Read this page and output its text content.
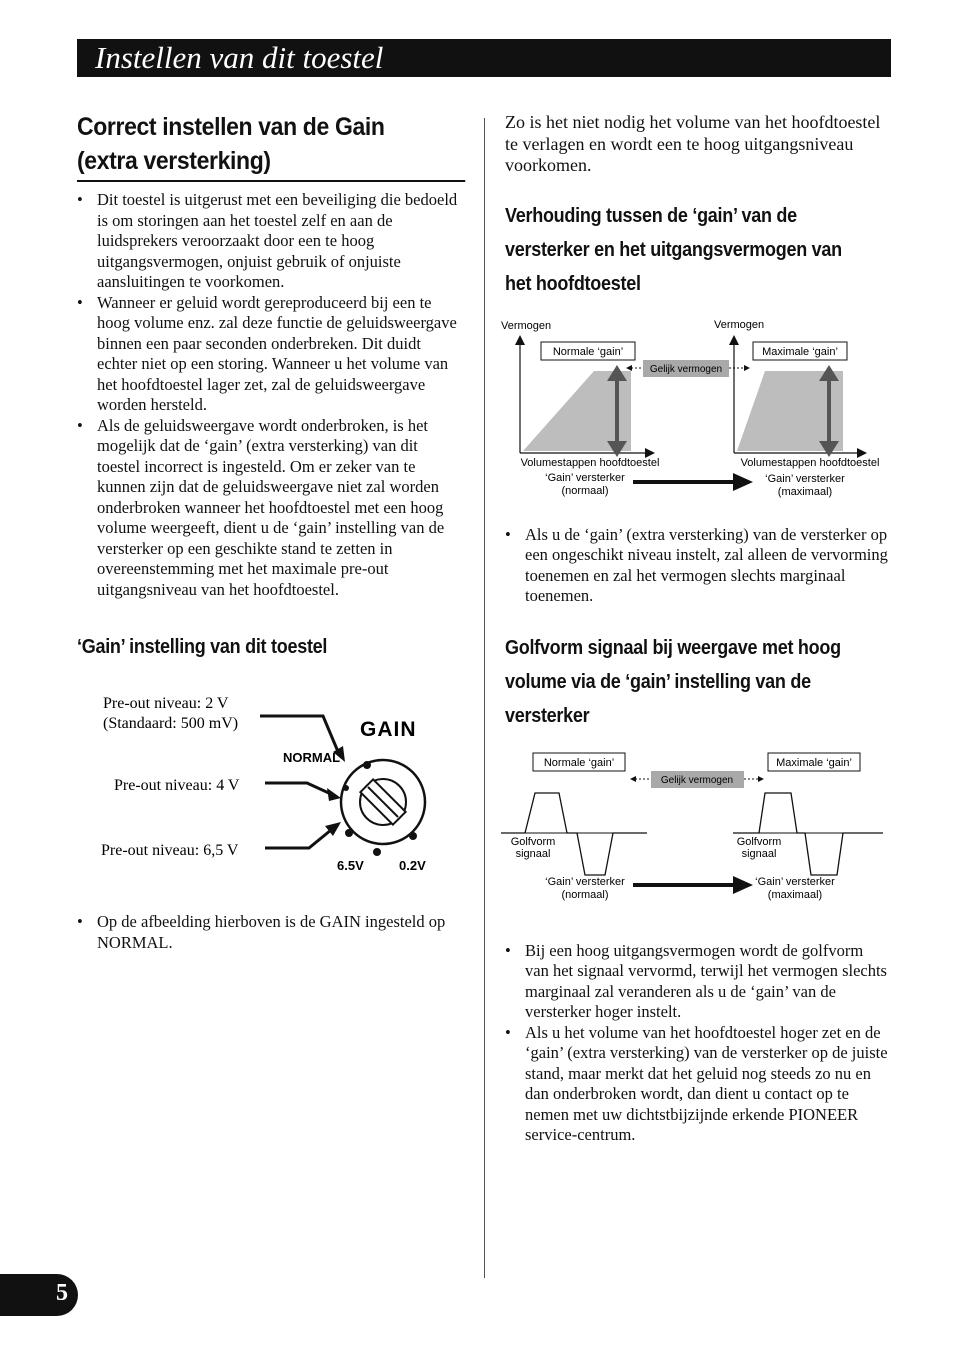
Instellen van dit toestel
Correct instellen van de Gain
(extra versterking)
• Dit toestel is uitgerust met een beveiliging die bedoeld is om storingen aan het toestel zelf en aan de luidsprekers veroorzaakt door een te hoog uitgangsvermogen, onjuist gebruik of onjuiste aansluitingen te voorkomen.
• Wanneer er geluid wordt gereproduceerd bij een te hoog volume enz. zal deze functie de geluidsweergave binnen een paar seconden onderbreken. Dit duidt echter niet op een storing. Wanneer u het volume van het hoofdtoestel lager zet, zal de geluidsweergave worden hersteld.
• Als de geluidsweergave wordt onderbroken, is het mogelijk dat de ‘gain’ (extra versterking) van dit toestel incorrect is ingesteld. Om er zeker van te kunnen zijn dat de geluidsweergave niet zal worden onderbroken wanneer het hoofdtoestel met een hoog volume weergeeft, dient u de ‘gain’ instelling van de versterker op een geschikte stand te zetten in overeenstemming met het maximale pre-out uitgangsniveau van het hoofdtoestel.
‘Gain’ instelling van dit toestel
Pre-out niveau: 2 V
(Standaard: 500 mV)
Pre-out niveau: 4 V
Pre-out niveau: 6,5 V
GAIN
NORMAL
6.5V	0.2V
• Op de afbeelding hierboven is de GAIN ingesteld op NORMAL.

Zo is het niet nodig het volume van het hoofdtoestel te verlagen en wordt een te hoog uitgangsniveau voorkomen.

Verhouding tussen de ‘gain’ van de
versterker en het uitgangsvermogen van
het hoofdtoestel
Vermogen	Vermogen
Normale ‘gain’	Maximale ‘gain’
Gelijk vermogen
Volumestappen hoofdtoestel	Volumestappen hoofdtoestel
‘Gain’ versterker
(normaal)
‘Gain’ versterker
(maximaal)
• Als u de ‘gain’ (extra versterking) van de versterker op een ongeschikt niveau instelt, zal alleen de vervorming toenemen en zal het vermogen slechts marginaal toenemen.
Golfvorm signaal bij weergave met hoog
volume via de ‘gain’ instelling van de
versterker
Normale ‘gain’	Maximale ‘gain’
Gelijk vermogen
Golfvorm
signaal
Golfvorm
signaal
‘Gain’ versterker
(normaal)
‘Gain’ versterker
(maximaal)
• Bij een hoog uitgangsvermogen wordt de golfvorm van het signaal vervormd, terwijl het vermogen slechts marginaal zal veranderen als u de ‘gain’ van de versterker hoger instelt.
• Als u het volume van het hoofdtoestel hoger zet en de ‘gain’ (extra versterking) van de versterker op de juiste stand, maar merkt dat het geluid nog steeds zo nu en dan onderbroken wordt, dan dient u contact op te nemen met uw dichtstbijzijnde erkende PIONEER service-centrum.
5
